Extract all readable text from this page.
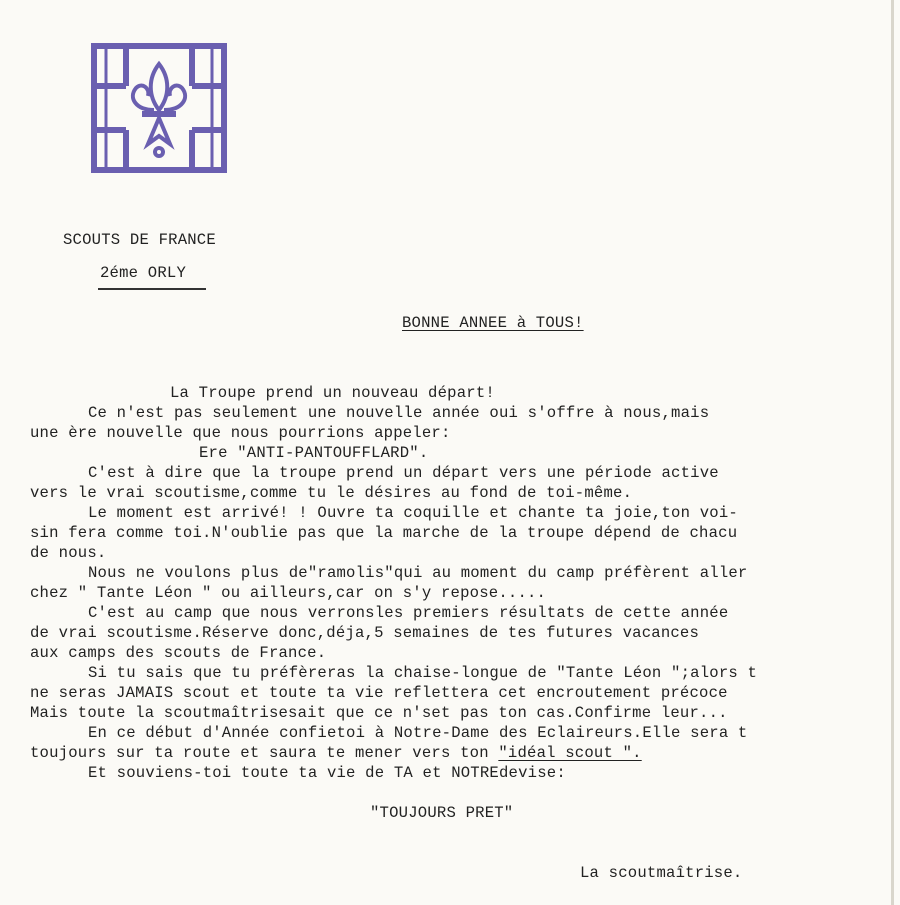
SCOUTS DE FRANCE
2éme ORLY
BONNE ANNEE à TOUS!
La Troupe prend un nouveau départ!
Ce n'est pas seulement une nouvelle année oui s'offre à nous,mais
une ère nouvelle que nous pourrions appeler:
Ere "ANTI-PANTOUFFLARD".
C'est à dire que la troupe prend un départ vers une période active
vers le vrai scoutisme,comme tu le désires au fond de toi-même.
Le moment est arrivé! ! Ouvre ta coquille et chante ta joie,ton voi-
sin fera comme toi.N'oublie pas que la marche de la troupe dépend de chacu
de nous.
Nous ne voulons plus de"ramolis"qui au moment du camp préfèrent aller
chez " Tante Léon " ou ailleurs,car on s'y repose.....
C'est au camp que nous verronsles premiers résultats de cette année
de vrai scoutisme.Réserve donc,déja,5 semaines de tes futures vacances
aux camps des scouts de France.
Si tu sais que tu préfèreras la chaise-longue de "Tante Léon ";alors t
ne seras JAMAIS scout et toute ta vie reflettera cet encroutement précoce
Mais toute la scoutmaîtrisesait que ce n'set pas ton cas.Confirme leur...
En ce début d'Année confietoi à Notre-Dame des Eclaireurs.Elle sera t
toujours sur ta route et saura te mener vers ton "idéal scout ".
Et souviens-toi toute ta vie de TA et NOTREdevise:
"TOUJOURS PRET"
La scoutmaîtrise.
